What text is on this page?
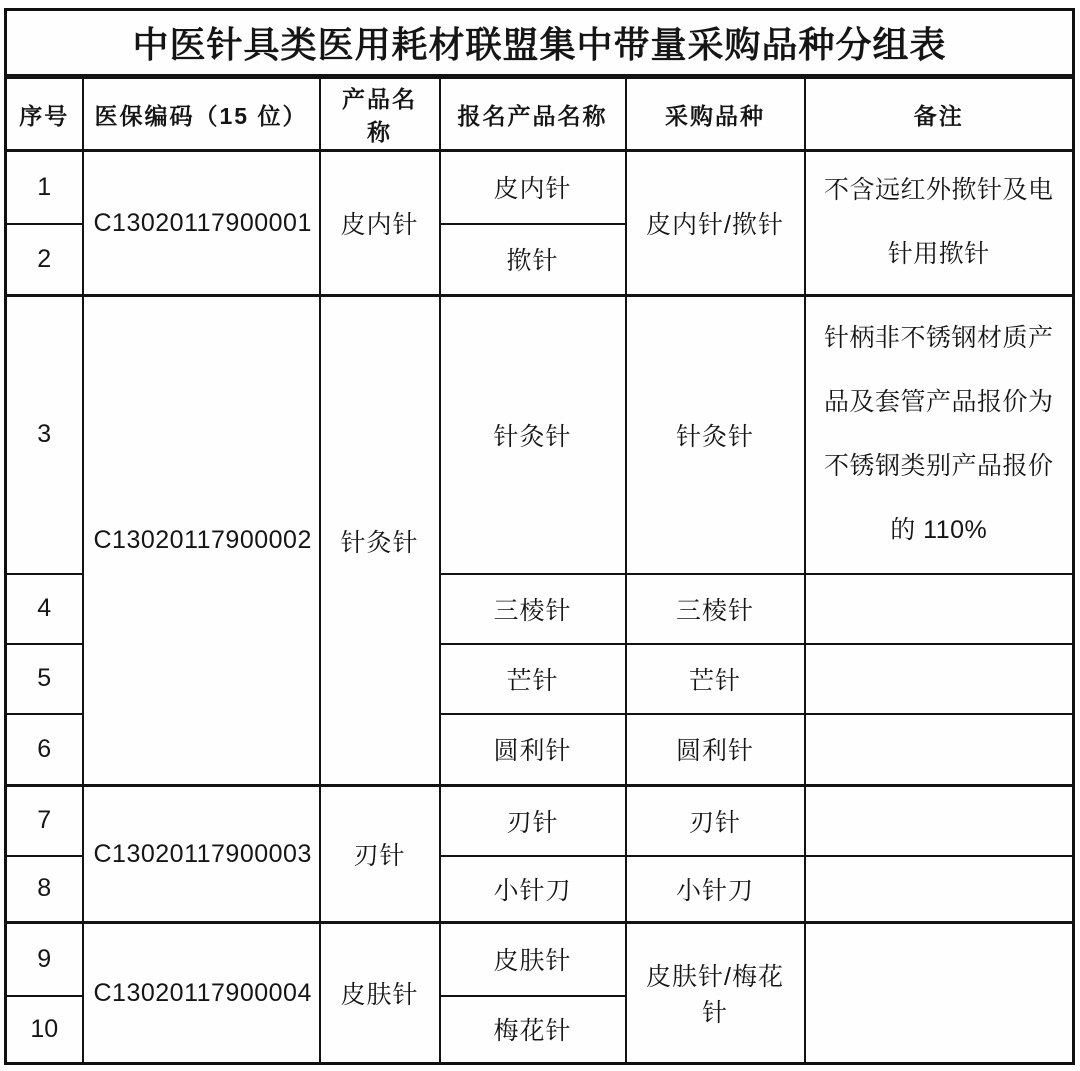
中医针具类医用耗材联盟集中带量采购品种分组表					
序号	医保编码（15 位）	产品名称	报名产品名称	采购品种	备注
1	C13020117900001	皮内针	皮内针	皮内针/揿针	不含远红外揿针及电针用揿针
2			揿针		
3	C13020117900002	针灸针	针灸针	针灸针	针柄非不锈钢材质产品及套管产品报价为不锈钢类别产品报价的 110%
4			三棱针	三棱针	
5			芒针	芒针	
6			圆利针	圆利针	
7	C13020117900003	刃针	刃针	刃针	
8			小针刀	小针刀	
9	C13020117900004	皮肤针	皮肤针	皮肤针/梅花针	
10			梅花针		
